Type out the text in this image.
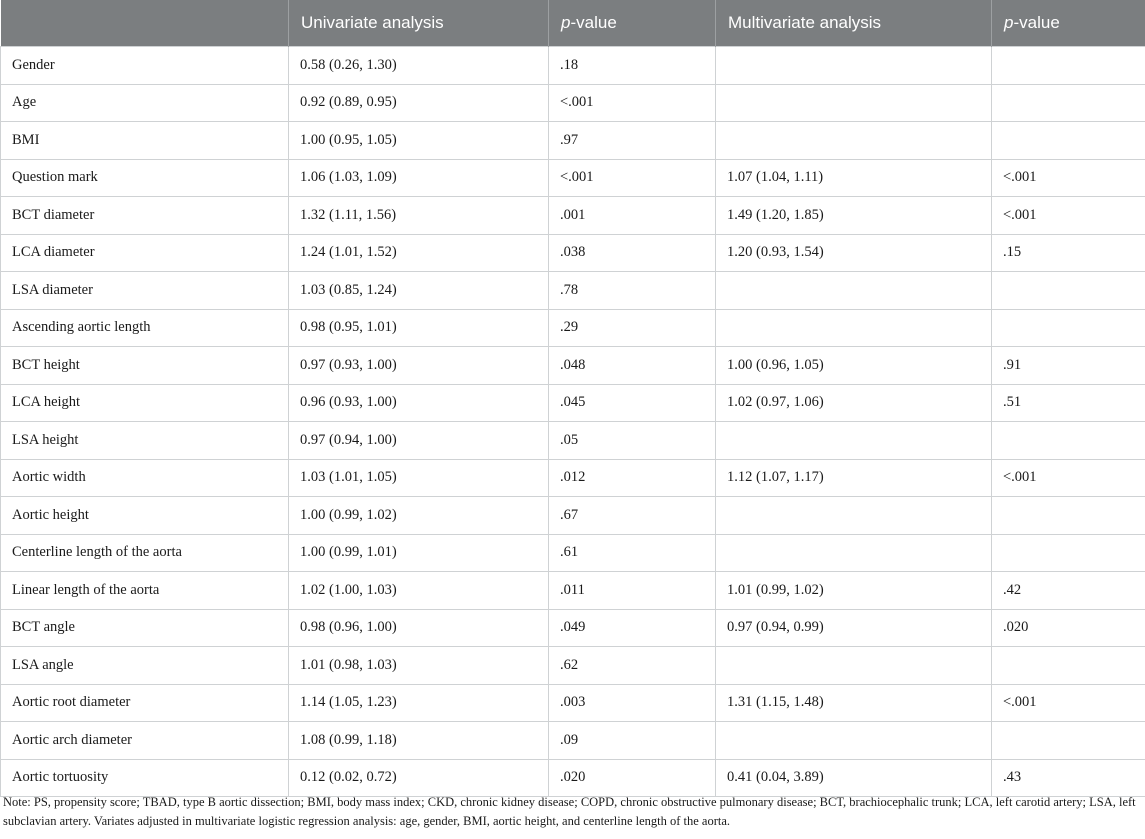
	Univariate analysis	p-value	Multivariate analysis	p-value
Gender	0.58 (0.26, 1.30)	.18		
Age	0.92 (0.89, 0.95)	<.001		
BMI	1.00 (0.95, 1.05)	.97		
Question mark	1.06 (1.03, 1.09)	<.001	1.07 (1.04, 1.11)	<.001
BCT diameter	1.32 (1.11, 1.56)	.001	1.49 (1.20, 1.85)	<.001
LCA diameter	1.24 (1.01, 1.52)	.038	1.20 (0.93, 1.54)	.15
LSA diameter	1.03 (0.85, 1.24)	.78		
Ascending aortic length	0.98 (0.95, 1.01)	.29		
BCT height	0.97 (0.93, 1.00)	.048	1.00 (0.96, 1.05)	.91
LCA height	0.96 (0.93, 1.00)	.045	1.02 (0.97, 1.06)	.51
LSA height	0.97 (0.94, 1.00)	.05		
Aortic width	1.03 (1.01, 1.05)	.012	1.12 (1.07, 1.17)	<.001
Aortic height	1.00 (0.99, 1.02)	.67		
Centerline length of the aorta	1.00 (0.99, 1.01)	.61		
Linear length of the aorta	1.02 (1.00, 1.03)	.011	1.01 (0.99, 1.02)	.42
BCT angle	0.98 (0.96, 1.00)	.049	0.97 (0.94, 0.99)	.020
LSA angle	1.01 (0.98, 1.03)	.62		
Aortic root diameter	1.14 (1.05, 1.23)	.003	1.31 (1.15, 1.48)	<.001
Aortic arch diameter	1.08 (0.99, 1.18)	.09		
Aortic tortuosity	0.12 (0.02, 0.72)	.020	0.41 (0.04, 3.89)	.43
Note: PS, propensity score; TBAD, type B aortic dissection; BMI, body mass index; CKD, chronic kidney disease; COPD, chronic obstructive pulmonary disease; BCT, brachiocephalic trunk; LCA, left carotid artery; LSA, left subclavian artery. Variates adjusted in multivariate logistic regression analysis: age, gender, BMI, aortic height, and centerline length of the aorta.
